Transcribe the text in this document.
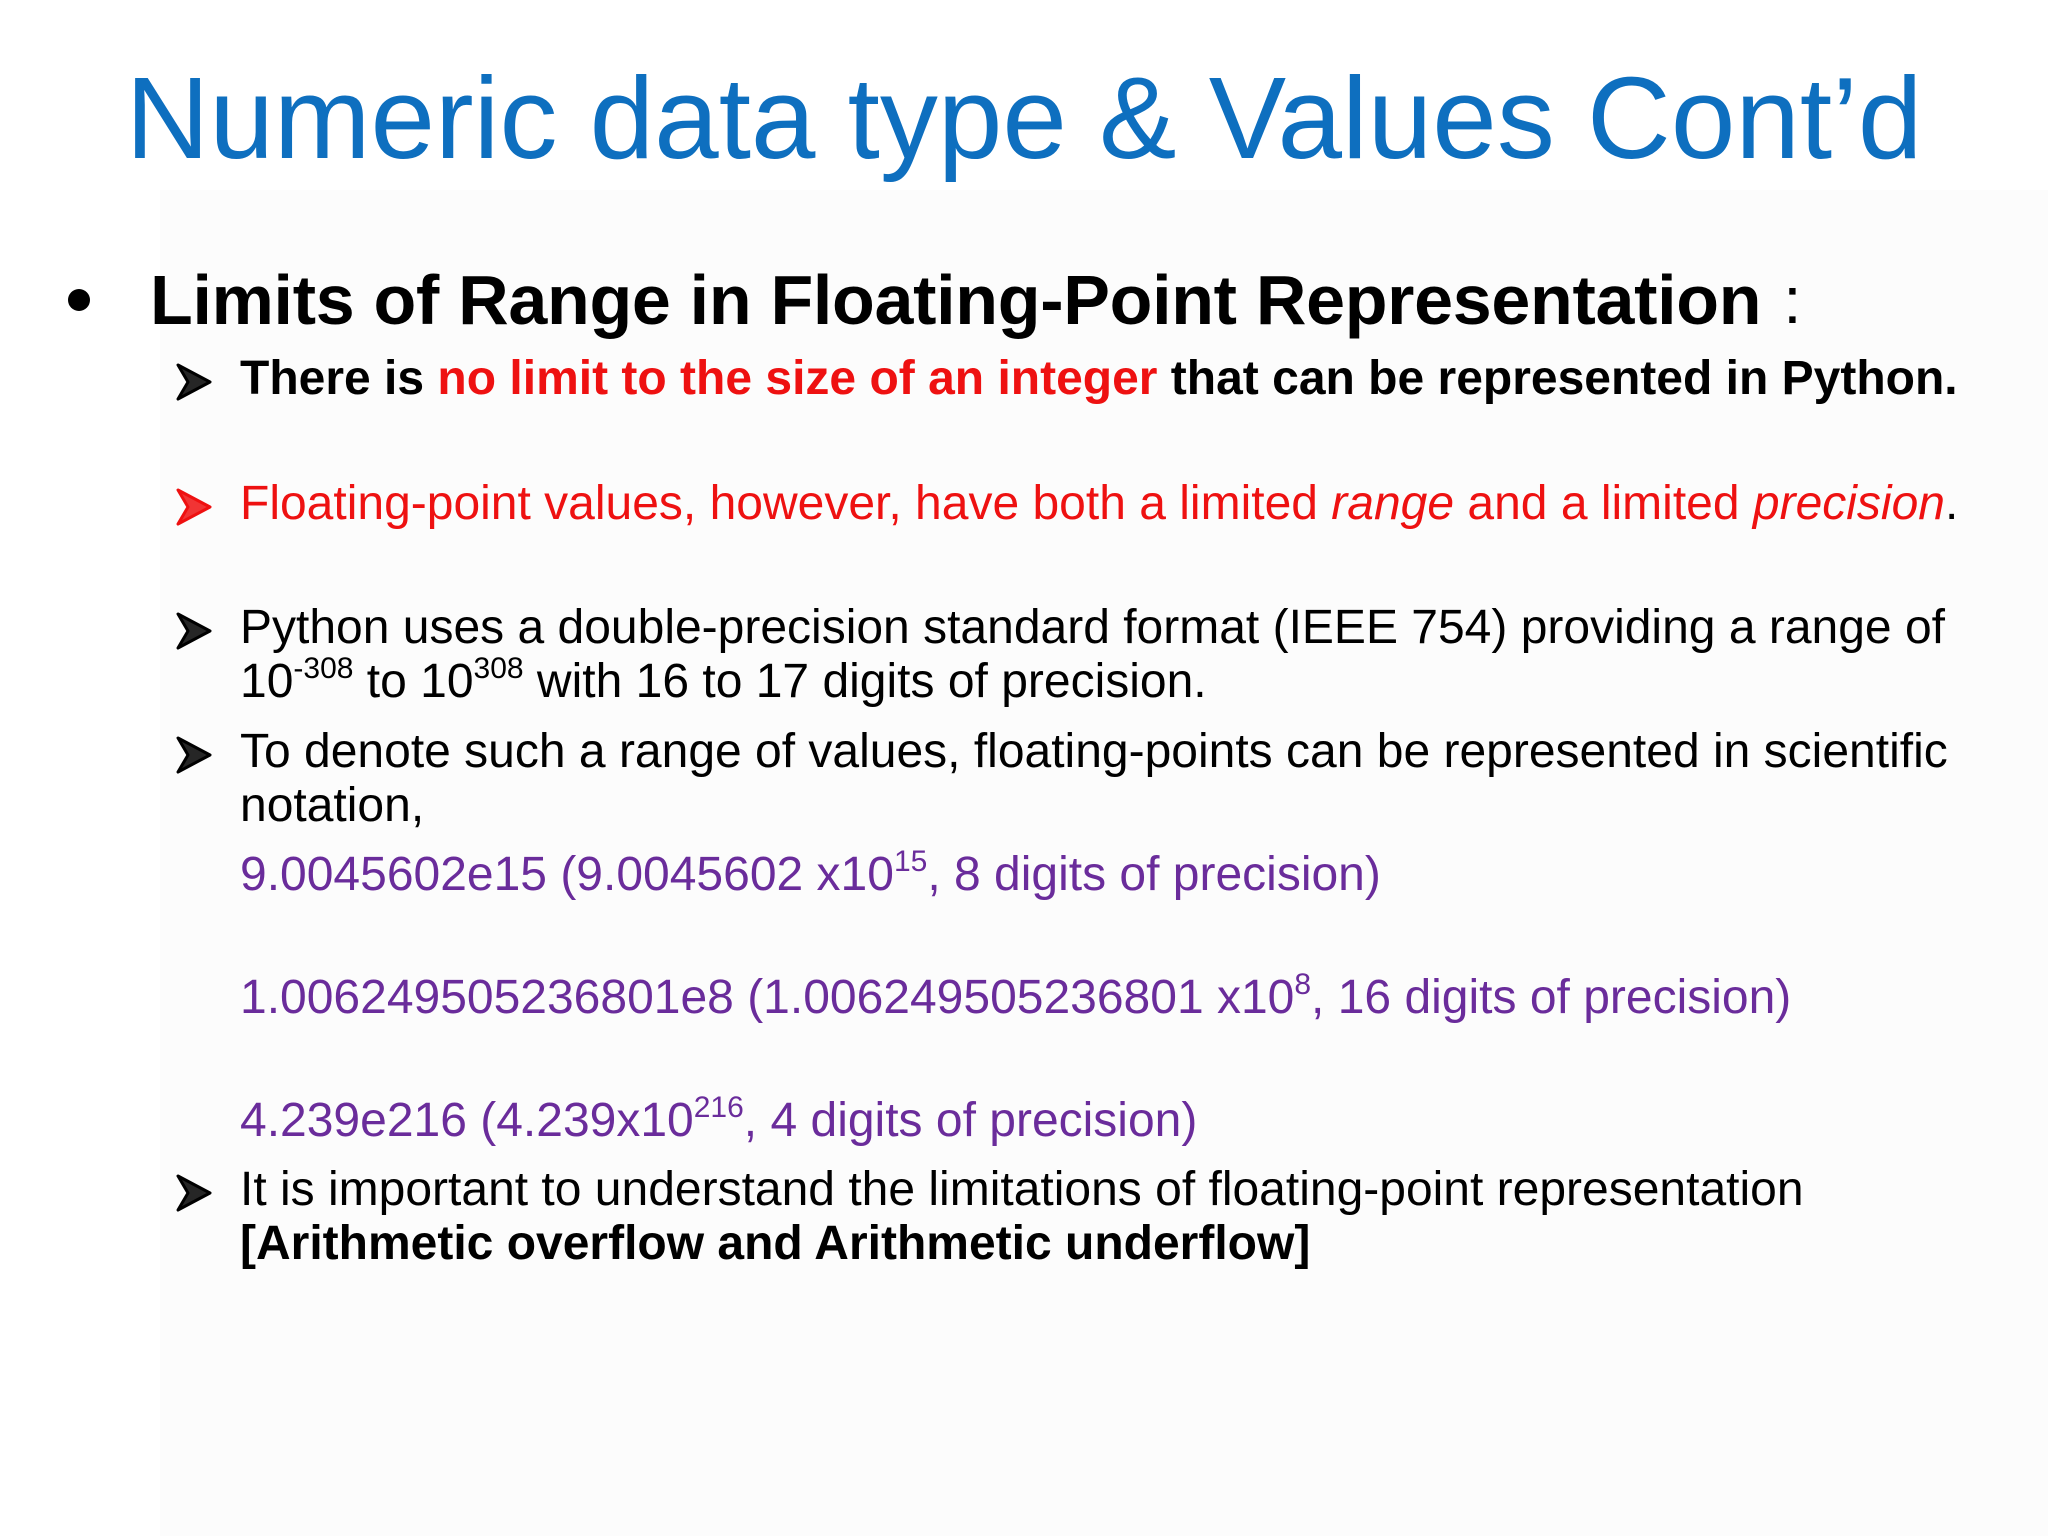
Numeric data type & Values Cont’d
Limits of Range in Floating-Point Representation :

There is no limit to the size of an integer that can be represented in Python.

Floating-point values, however, have both a limited range and a limited precision.

Python uses a double-precision standard format (IEEE 754) providing a range of $10^{-308}$ to $10^{308}$ with 16 to 17 digits of precision.

To denote such a range of values, floating-points can be represented in scientific notation,

9.0045602e15 (9.0045602 $x10^{15}$, 8 digits of precision)
1.006249505236801e8 (1.006249505236801 $x10^8$, 16 digits of precision)
4.239e216 ($4.239x10^{216}$, 4 digits of precision)

It is important to understand the limitations of floating-point representation [Arithmetic overflow and Arithmetic underflow]
